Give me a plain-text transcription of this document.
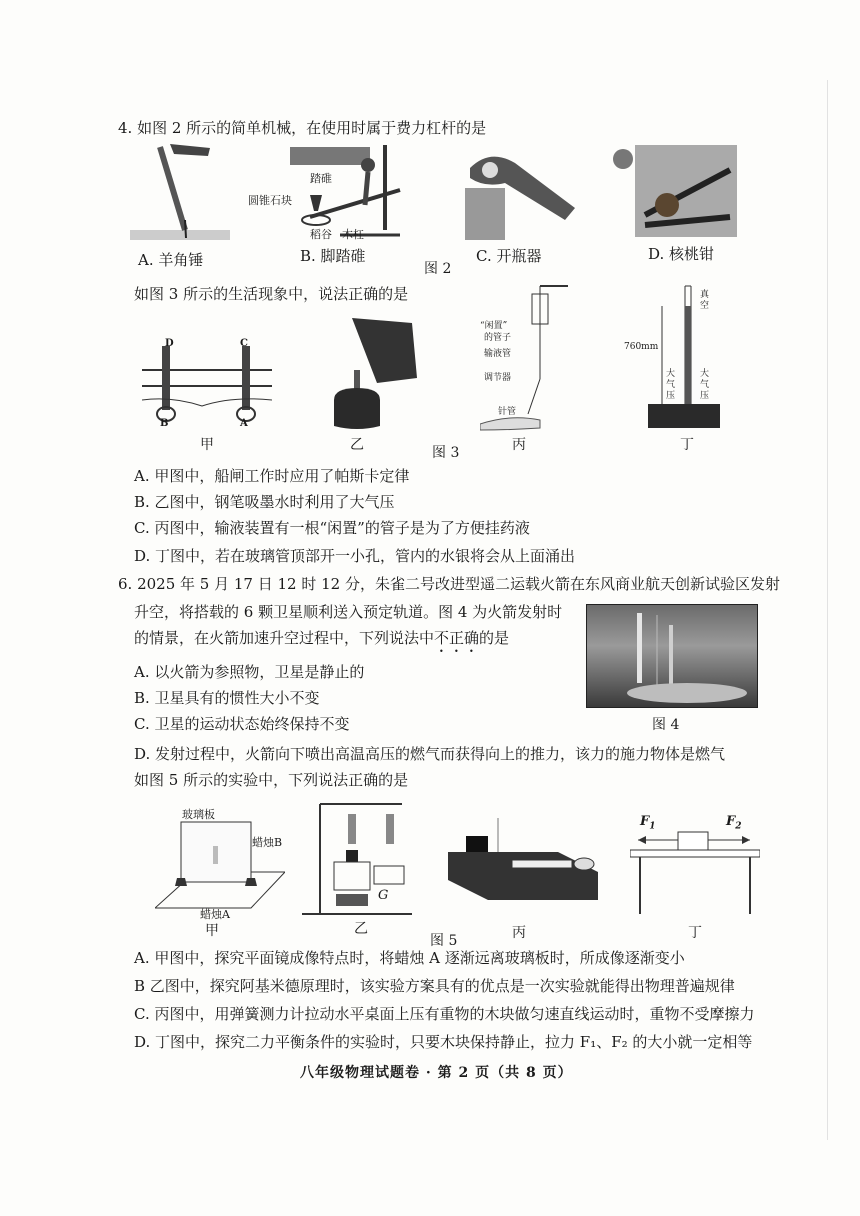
4. 如图 2 所示的简单机械，在使用时属于费力杠杆的是
踏碓
圆锥石块
稻谷 木杠
A. 羊角锤	B. 脚踏碓
图 2
C. 开瓶器	D. 核桃钳
如图 3 所示的生活现象中，说法正确的是
D	C
B	A
“闲置”
的管子
输液管
调节器
针管
真
空
760mm
大
气
压
大
气
压
甲	乙	图 3	丙	丁
A. 甲图中，船闸工作时应用了帕斯卡定律
B. 乙图中，钢笔吸墨水时利用了大气压
C. 丙图中，输液装置有一根“闲置”的管子是为了方便挂药液
D. 丁图中，若在玻璃管顶部开一小孔，管内的水银将会从上面涌出
6. 2025 年 5 月 17 日 12 时 12 分，朱雀二号改进型遥二运载火箭在东风商业航天创新试验区发射
升空，将搭载的 6 颗卫星顺利送入预定轨道。图 4 为火箭发射时
的情景，在火箭加速升空过程中，下列说法中不正确的是
A. 以火箭为参照物，卫星是静止的
B. 卫星具有的惯性大小不变
C. 卫星的运动状态始终保持不变	图 4
D. 发射过程中，火箭向下喷出高温高压的燃气而获得向上的推力，该力的施力物体是燃气
如图 5 所示的实验中，下列说法正确的是
玻璃板
蜡烛B
蜡烛A
G
$F_1$	$F_2$
甲	乙
图 5	丙	丁
A. 甲图中，探究平面镜成像特点时，将蜡烛 A 逐渐远离玻璃板时，所成像逐渐变小
B 乙图中，探究阿基米德原理时，该实验方案具有的优点是一次实验就能得出物理普遍规律
C. 丙图中，用弹簧测力计拉动水平桌面上压有重物的木块做匀速直线运动时，重物不受摩擦力
D. 丁图中，探究二力平衡条件的实验时，只要木块保持静止，拉力 F₁、F₂ 的大小就一定相等
八年级物理试题卷 · 第 2 页（共 8 页）
